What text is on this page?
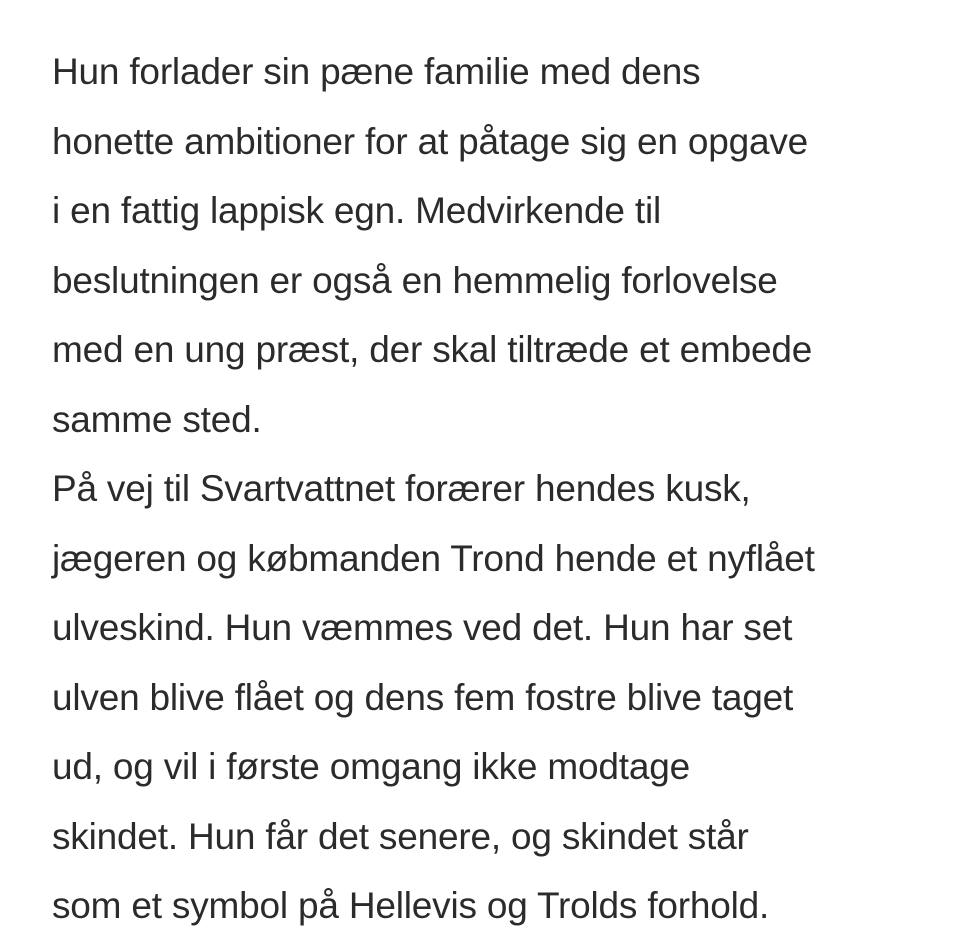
Hun forlader sin pæne familie med dens
honette ambitioner for at påtage sig en opgave
i en fattig lappisk egn. Medvirkende til
beslutningen er også en hemmelig forlovelse
med en ung præst, der skal tiltræde et embede
samme sted.
På vej til Svartvattnet forærer hendes kusk,
jægeren og købmanden Trond hende et nyflået
ulveskind. Hun væmmes ved det. Hun har set
ulven blive flået og dens fem fostre blive taget
ud, og vil i første omgang ikke modtage
skindet. Hun får det senere, og skindet står
som et symbol på Hellevis og Trolds forhold.
